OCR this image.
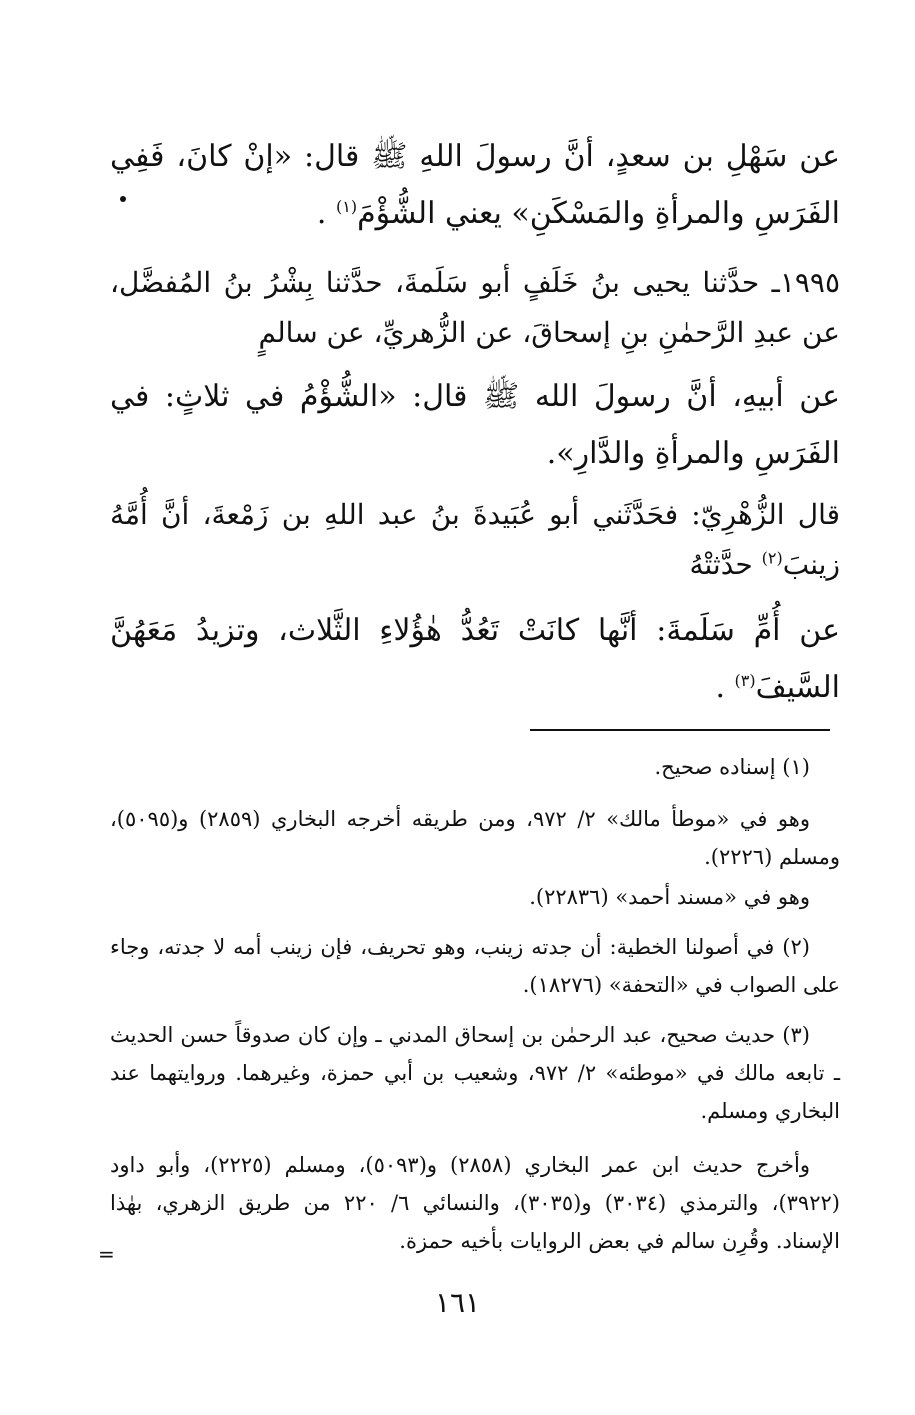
عن سَهْلِ بن سعدٍ، أنَّ رسولَ اللهِ ﷺ قال: «إنْ كانَ، فَفِي الفَرَسِ والمرأةِ والمَسْكَنِ» يعني الشُّؤْمَ$^{(١)}$ .

١٩٩٥ـ حدَّثنا يحيى بنُ خَلَفٍ أبو سَلَمةَ، حدَّثنا بِشْرُ بنُ المُفضَّل، عن عبدِ الرَّحمٰنِ بنِ إسحاقَ، عن الزُّهريِّ، عن سالمٍ

عن أبيهِ، أنَّ رسولَ الله ﷺ قال: «الشُّؤْمُ في ثلاثٍ: في الفَرَسِ والمرأةِ والدَّارِ».

قال الزُّهْرِيّ: فحَدَّثَني أبو عُبَيدةَ بنُ عبد اللهِ بن زَمْعةَ، أنَّ أُمَّهُ زينبَ$^{(٢)}$ حدَّثتْهُ

عن أُمِّ سَلَمةَ: أنَّها كانَتْ تَعُدُّ هٰؤُلاءِ الثَّلاث، وتزيدُ مَعَهُنَّ السَّيفَ$^{(٣)}$ .

(١) إسناده صحيح.

وهو في «موطأ مالك» ٢/ ٩٧٢، ومن طريقه أخرجه البخاري (٢٨٥٩) و(٥٠٩٥)، ومسلم (٢٢٢٦).

وهو في «مسند أحمد» (٢٢٨٣٦).

(٢) في أصولنا الخطية: أن جدته زينب، وهو تحريف، فإن زينب أمه لا جدته، وجاء على الصواب في «التحفة» (١٨٢٧٦).

(٣) حديث صحيح، عبد الرحمٰن بن إسحاق المدني ـ وإن كان صدوقاً حسن الحديث ـ تابعه مالك في «موطئه» ٢/ ٩٧٢، وشعيب بن أبي حمزة، وغيرهما. وروايتهما عند البخاري ومسلم.

وأخرج حديث ابن عمر البخاري (٢٨٥٨) و(٥٠٩٣)، ومسلم (٢٢٢٥)، وأبو داود (٣٩٢٢)، والترمذي (٣٠٣٤) و(٣٠٣٥)، والنسائي ٦/ ٢٢٠ من طريق الزهري، بهٰذا الإسناد. وقُرِن سالم في بعض الروايات بأخيه حمزة.

=
١٦١
